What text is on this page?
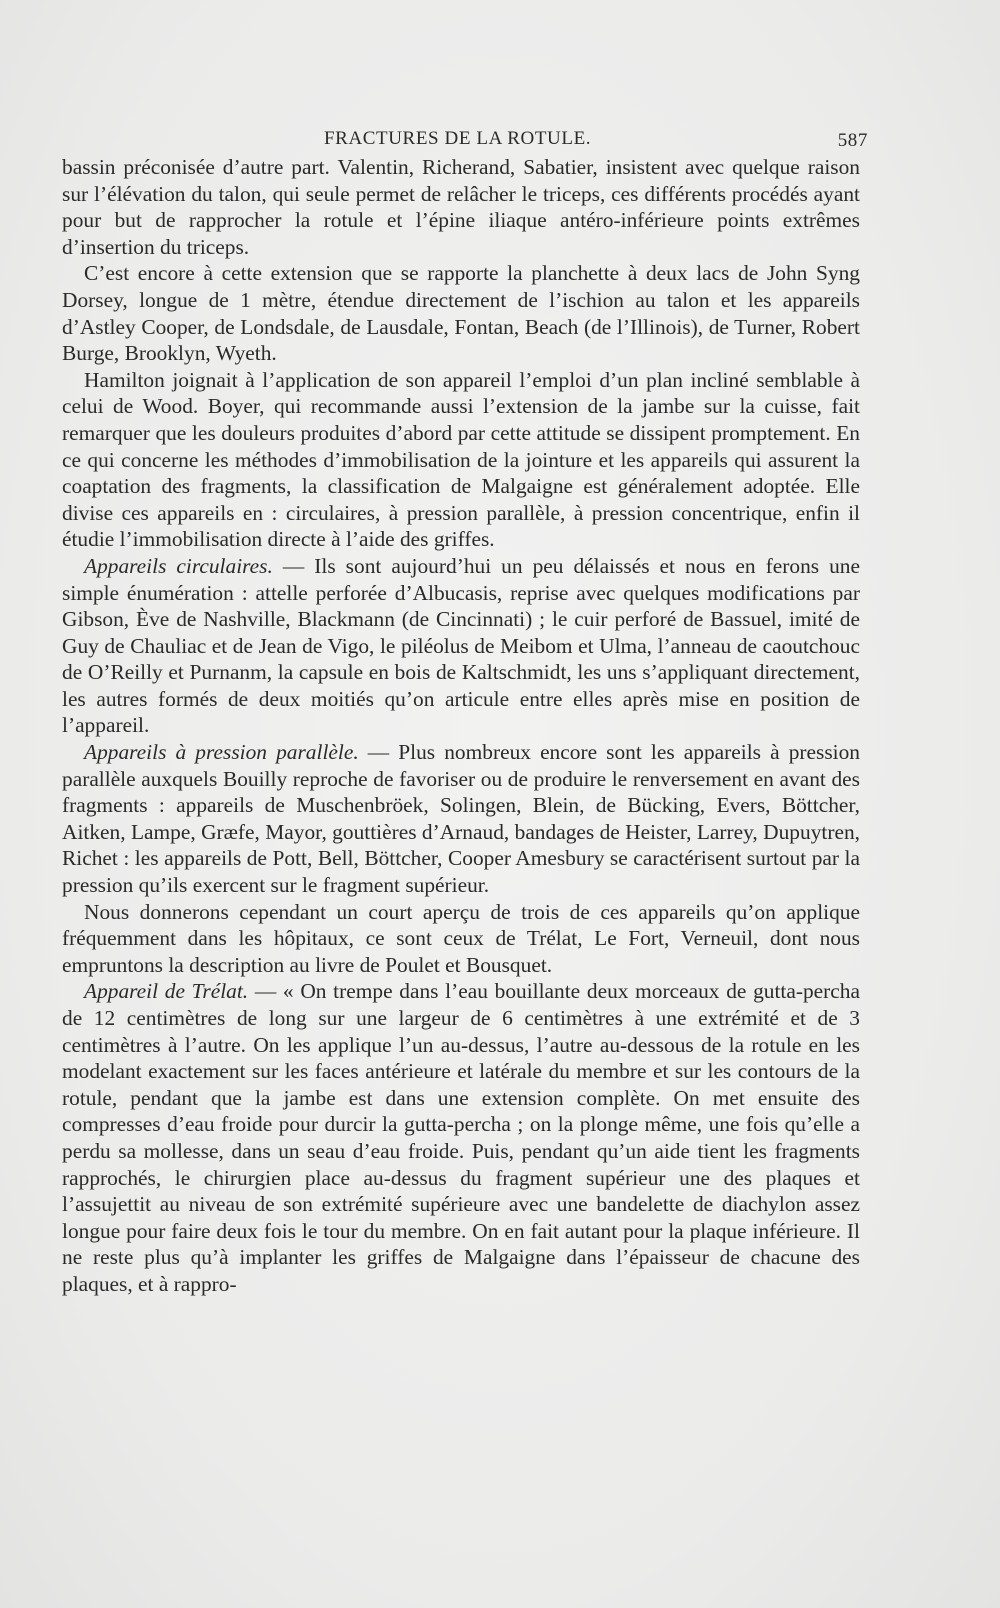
FRACTURES DE LA ROTULE.	587

bassin préconisée d’autre part. Valentin, Richerand, Sabatier, insistent avec quelque raison sur l’élévation du talon, qui seule permet de relâcher le triceps, ces différents procédés ayant pour but de rapprocher la rotule et l’épine iliaque antéro-inférieure points extrêmes d’insertion du triceps.

C’est encore à cette extension que se rapporte la planchette à deux lacs de John Syng Dorsey, longue de 1 mètre, étendue directement de l’ischion au talon et les appareils d’Astley Cooper, de Londsdale, de Lausdale, Fontan, Beach (de l’Illinois), de Turner, Robert Burge, Brooklyn, Wyeth.

Hamilton joignait à l’application de son appareil l’emploi d’un plan incliné semblable à celui de Wood. Boyer, qui recommande aussi l’extension de la jambe sur la cuisse, fait remarquer que les douleurs produites d’abord par cette attitude se dissipent promptement. En ce qui concerne les méthodes d’immobilisation de la jointure et les appareils qui assurent la coaptation des fragments, la classification de Malgaigne est généralement adoptée. Elle divise ces appareils en : circulaires, à pression parallèle, à pression concentrique, enfin il étudie l’immobilisation directe à l’aide des griffes.

Appareils circulaires. — Ils sont aujourd’hui un peu délaissés et nous en ferons une simple énumération : attelle perforée d’Albucasis, reprise avec quelques modifications par Gibson, Ève de Nashville, Blackmann (de Cincinnati) ; le cuir perforé de Bassuel, imité de Guy de Chauliac et de Jean de Vigo, le piléolus de Meibom et Ulma, l’anneau de caoutchouc de O’Reilly et Purnanm, la capsule en bois de Kaltschmidt, les uns s’appliquant directement, les autres formés de deux moitiés qu’on articule entre elles après mise en position de l’appareil.

Appareils à pression parallèle. — Plus nombreux encore sont les appareils à pression parallèle auxquels Bouilly reproche de favoriser ou de produire le renversement en avant des fragments : appareils de Muschenbröek, Solingen, Blein, de Bücking, Evers, Böttcher, Aitken, Lampe, Græfe, Mayor, gouttières d’Arnaud, bandages de Heister, Larrey, Dupuytren, Richet : les appareils de Pott, Bell, Böttcher, Cooper Amesbury se caractérisent surtout par la pression qu’ils exercent sur le fragment supérieur.

Nous donnerons cependant un court aperçu de trois de ces appareils qu’on applique fréquemment dans les hôpitaux, ce sont ceux de Trélat, Le Fort, Verneuil, dont nous empruntons la description au livre de Poulet et Bousquet.

Appareil de Trélat. — « On trempe dans l’eau bouillante deux morceaux de gutta-percha de 12 centimètres de long sur une largeur de 6 centimètres à une extrémité et de 3 centimètres à l’autre. On les applique l’un au-dessus, l’autre au-dessous de la rotule en les modelant exactement sur les faces antérieure et latérale du membre et sur les contours de la rotule, pendant que la jambe est dans une extension complète. On met ensuite des compresses d’eau froide pour durcir la gutta-percha ; on la plonge même, une fois qu’elle a perdu sa mollesse, dans un seau d’eau froide. Puis, pendant qu’un aide tient les fragments rapprochés, le chirurgien place au-dessus du fragment supérieur une des plaques et l’assujettit au niveau de son extrémité supérieure avec une bandelette de diachylon assez longue pour faire deux fois le tour du membre. On en fait autant pour la plaque inférieure. Il ne reste plus qu’à implanter les griffes de Malgaigne dans l’épaisseur de chacune des plaques, et à rappro-
